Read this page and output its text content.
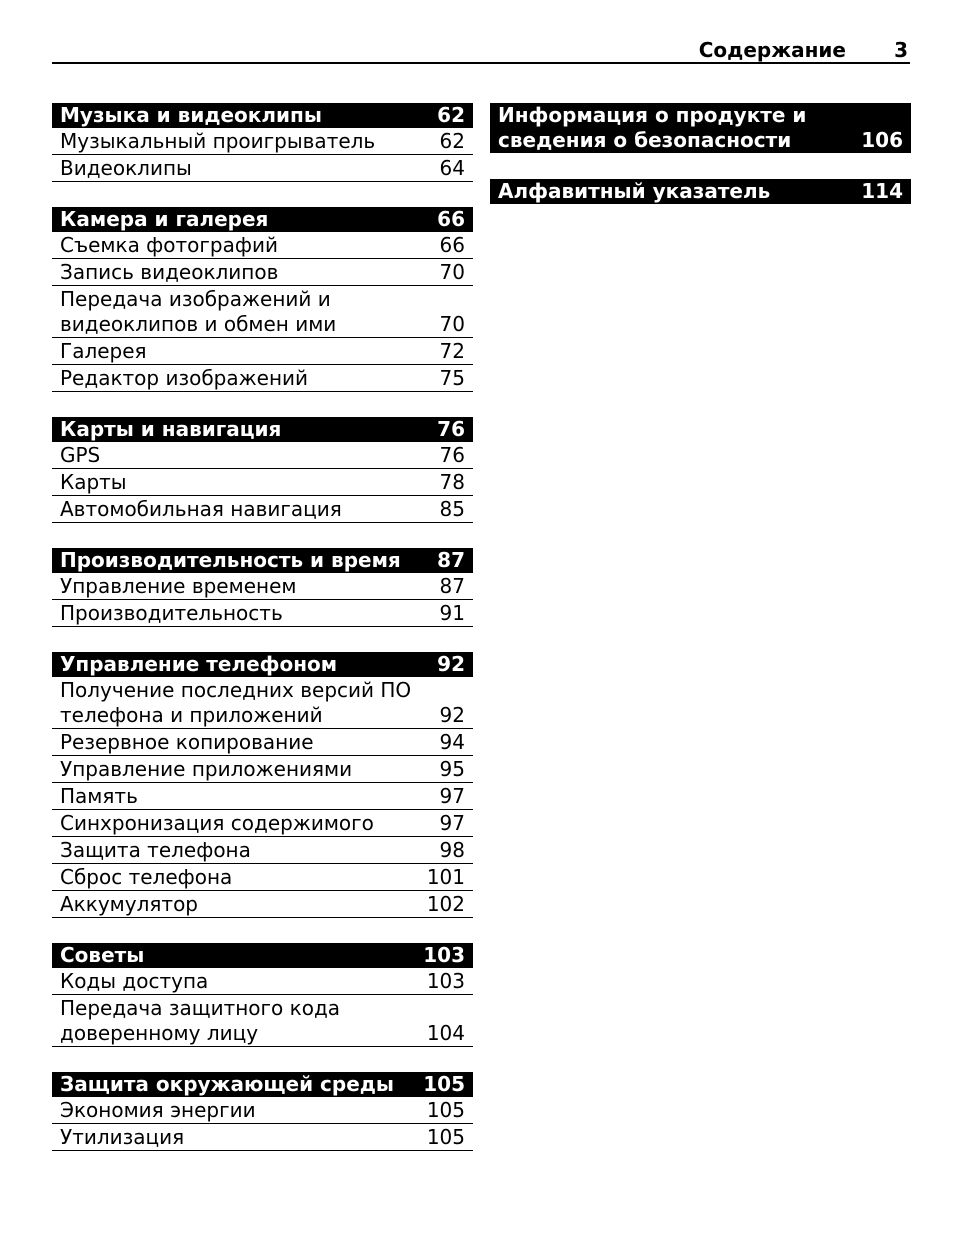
Содержание 3
Музыка и видеоклипы	62
Музыкальный проигрыватель	62
Видеоклипы	64
Камера и галерея	66
Съемка фотографий	66
Запись видеоклипов	70
Передача изображений и видеоклипов и обмен ими	70
Галерея	72
Редактор изображений	75
Карты и навигация	76
GPS	76
Карты	78
Автомобильная навигация	85
Производительность и время	87
Управление временем	87
Производительность	91
Управление телефоном	92
Получение последних версий ПО телефона и приложений	92
Резервное копирование	94
Управление приложениями	95
Память	97
Синхронизация содержимого	97
Защита телефона	98
Сброс телефона	101
Аккумулятор	102
Советы	103
Коды доступа	103
Передача защитного кода доверенному лицу	104
Защита окружающей среды	105
Экономия энергии	105
Утилизация	105
Информация о продукте и сведения о безопасности	106
Алфавитный указатель	114
